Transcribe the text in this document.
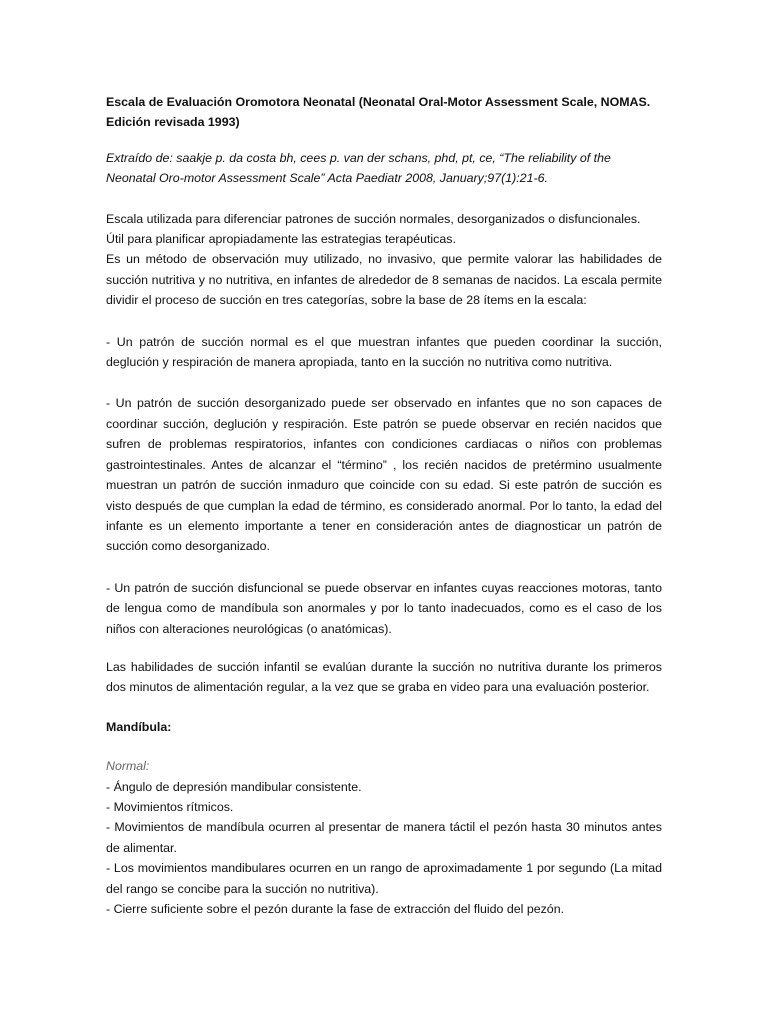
Escala de Evaluación Oromotora Neonatal (Neonatal Oral-Motor Assessment Scale, NOMAS. Edición revisada 1993)

Extraído de: saakje p. da costa bh, cees p. van der schans, phd, pt, ce, “The reliability of the Neonatal Oro-motor Assessment Scale” Acta Paediatr 2008, January;97(1):21-6.

Escala utilizada para diferenciar patrones de succión normales, desorganizados o disfuncionales.

Útil para planificar apropiadamente las estrategias terapéuticas.

Es un método de observación muy utilizado, no invasivo, que permite valorar las habilidades de succión nutritiva y no nutritiva, en infantes de alrededor de 8 semanas de nacidos. La escala permite dividir el proceso de succión en tres categorías, sobre la base de 28 ítems en la escala:

- Un patrón de succión normal es el que muestran infantes que pueden coordinar la succión, deglución y respiración de manera apropiada, tanto en la succión no nutritiva como nutritiva.

- Un patrón de succión desorganizado puede ser observado en infantes que no son capaces de coordinar succión, deglución y respiración. Este patrón se puede observar en recién nacidos que sufren de problemas respiratorios, infantes con condiciones cardiacas o niños con problemas gastrointestinales. Antes de alcanzar el “término” , los recién nacidos de pretérmino usualmente muestran un patrón de succión inmaduro que coincide con su edad. Si este patrón de succión es visto después de que cumplan la edad de término, es considerado anormal. Por lo tanto, la edad del infante es un elemento importante a tener en consideración antes de diagnosticar un patrón de succión como desorganizado.

- Un patrón de succión disfuncional se puede observar en infantes cuyas reacciones motoras, tanto de lengua como de mandíbula son anormales y por lo tanto inadecuados, como es el caso de los niños con alteraciones neurológicas (o anatómicas).

Las habilidades de succión infantil se evalúan durante la succión no nutritiva durante los primeros dos minutos de alimentación regular, a la vez que se graba en video para una evaluación posterior.

Mandíbula:

Normal:

- Ángulo de depresión mandibular consistente.
- Movimientos rítmicos.
- Movimientos de mandíbula ocurren al presentar de manera táctil el pezón hasta 30 minutos antes de alimentar.
- Los movimientos mandibulares ocurren en un rango de aproximadamente 1 por segundo (La mitad del rango se concibe para la succión no nutritiva).
- Cierre suficiente sobre el pezón durante la fase de extracción del fluido del pezón.
